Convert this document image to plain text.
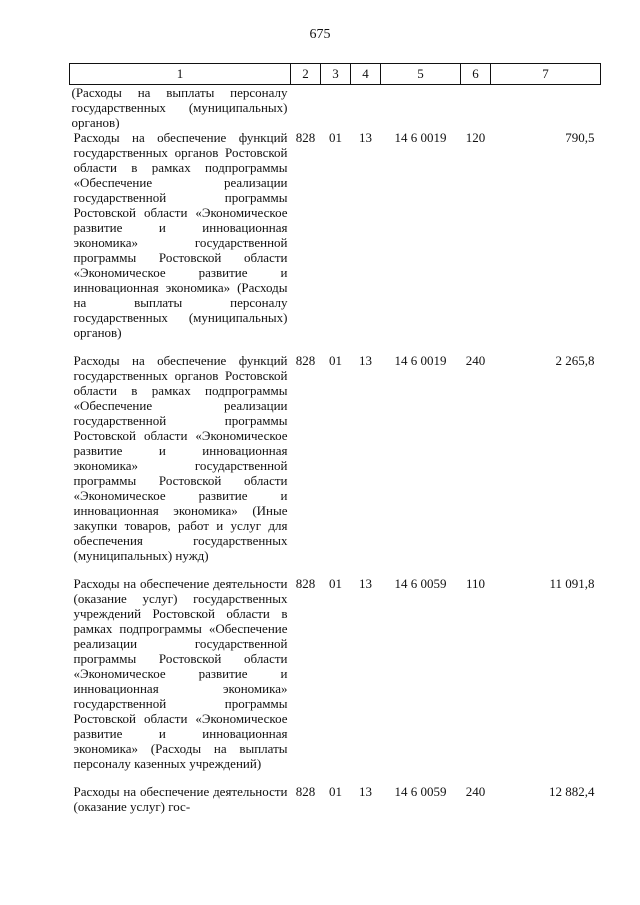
675
1	2	3	4	5	6	7
(Расходы на выплаты персоналу государственных (муниципальных) органов)						
Расходы на обеспечение функций государственных органов Ростовской области в рамках подпрограммы «Обеспечение реализации государственной программы Ростовской области «Экономическое развитие и инновационная экономика» государственной программы Ростовской области «Экономическое развитие и инновационная экономика» (Расходы на выплаты персоналу государственных (муниципальных) органов)	828	01	13	14 6 0019	120	790,5
Расходы на обеспечение функций государственных органов Ростовской области в рамках подпрограммы «Обеспечение реализации государственной программы Ростовской области «Экономическое развитие и инновационная экономика» государственной программы Ростовской области «Экономическое развитие и инновационная экономика» (Иные закупки товаров, работ и услуг для обеспечения государственных (муниципальных) нужд)	828	01	13	14 6 0019	240	2 265,8
Расходы на обеспечение деятельности (оказание услуг) государственных учреждений Ростовской области в рамках подпрограммы «Обеспечение реализации государственной программы Ростовской области «Экономическое развитие и инновационная экономика» государственной программы Ростовской области «Экономическое развитие и инновационная экономика» (Расходы на выплаты персоналу казенных учреждений)	828	01	13	14 6 0059	110	11 091,8
Расходы на обеспечение деятельности (оказание услуг) гос-	828	01	13	14 6 0059	240	12 882,4
